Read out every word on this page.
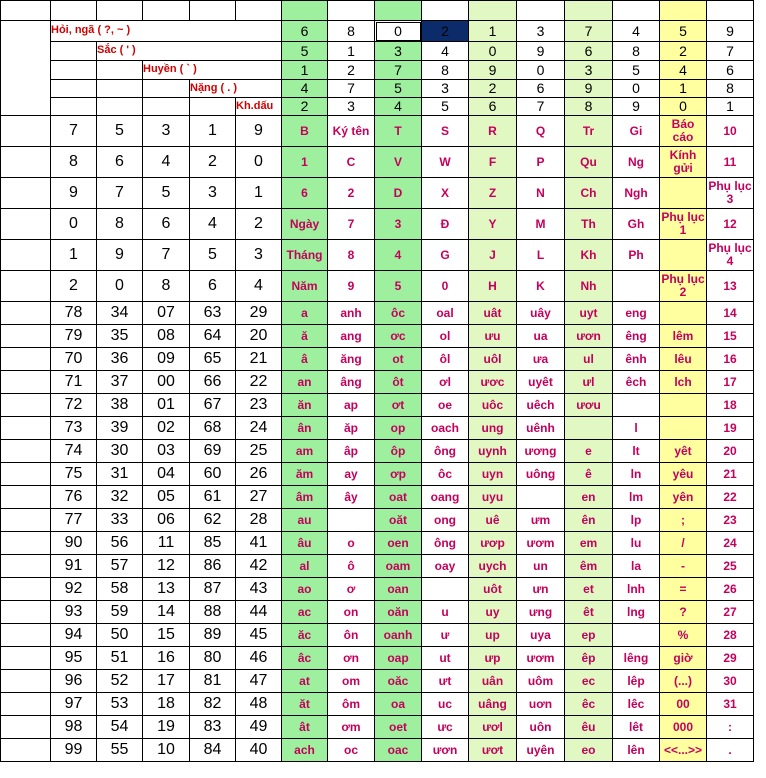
	Hỏi, ngã ( ?, ~ )					6	8	0	2	1	3	7	4	5	9
		Sắc ( ' )				5	1	3	4	0	9	6	8	2	7
			Huyền ( ` )			1	2	7	8	9	0	3	5	4	6
				Nặng ( . )		4	7	5	3	2	6	9	0	1	8
					Kh.dấu	2	3	4	5	6	7	8	9	0	1
	7	5	3	1	9	B	Ký tên	T	S	R	Q	Tr	Gi	Báo cáo	10
	8	6	4	2	0	1	C	V	W	F	P	Qu	Ng	Kính gửi	11
	9	7	5	3	1	6	2	D	X	Z	N	Ch	Ngh		Phụ lục 3
	0	8	6	4	2	Ngày	7	3	Đ	Y	M	Th	Gh	Phụ lục 1	12
	1	9	7	5	3	Tháng	8	4	G	J	L	Kh	Ph		Phụ lục 4
	2	0	8	6	4	Năm	9	5	0	H	K	Nh		Phụ lục 2	13
	78	34	07	63	29	a	anh	ôc	oal	uât	uây	uyt	eng		14
	79	35	08	64	20	ă	ang	ơc	ol	ưu	ua	ươn	êng	lêm	15
	70	36	09	65	21	â	ăng	ot	ôl	uôl	ưa	ul	ênh	lêu	16
	71	37	00	66	22	an	âng	ôt	ơl	ươc	uyêt	ưl	êch	lch	17
	72	38	01	67	23	ăn	ap	ơt	oe	uôc	uêch	ươu			18
	73	39	02	68	24	ân	ăp	op	oach	ung	uênh		l		19
	74	30	03	69	25	am	âp	ôp	ông	uynh	ương	e	lt	yêt	20
	75	31	04	60	26	ăm	ay	ơp	ôc	uyn	uông	ê	ln	yêu	21
	76	32	05	61	27	âm	ây	oat	oang	uyu		en	lm	yên	22
	77	33	06	62	28	au		oăt	ong	uê	ưm	ên	lp	;	23
	90	56	11	85	41	âu	o	oen	ông	ươp	ươm	em	lu	/	24
	91	57	12	86	42	al	ô	oam	oay	uych	un	êm	la	-	25
	92	58	13	87	43	ao	ơ	oan		uôt	ưn	et	lnh	=	26
	93	59	14	88	44	ac	on	oăn	u	uy	ưng	êt	lng	?	27
	94	50	15	89	45	ăc	ôn	oanh	ư	up	uya	ep		%	28
	95	51	16	80	46	âc	ơn	oap	ut	ưp	ươm	êp	lêng	giờ	29
	96	52	17	81	47	at	om	oăc	ưt	uân	uôm	ec	lêp	(...)	30
	97	53	18	82	48	ăt	ôm	oa	uc	uâng	uơn	êc	lêc	00	31
	98	54	19	83	49	ât	ơm	oet	ưc	ươl	uôn	êu	lêt	000	:
	99	55	10	84	40	ach	oc	oac	ươn	ươt	uyên	eo	lên	<<...>>	.
